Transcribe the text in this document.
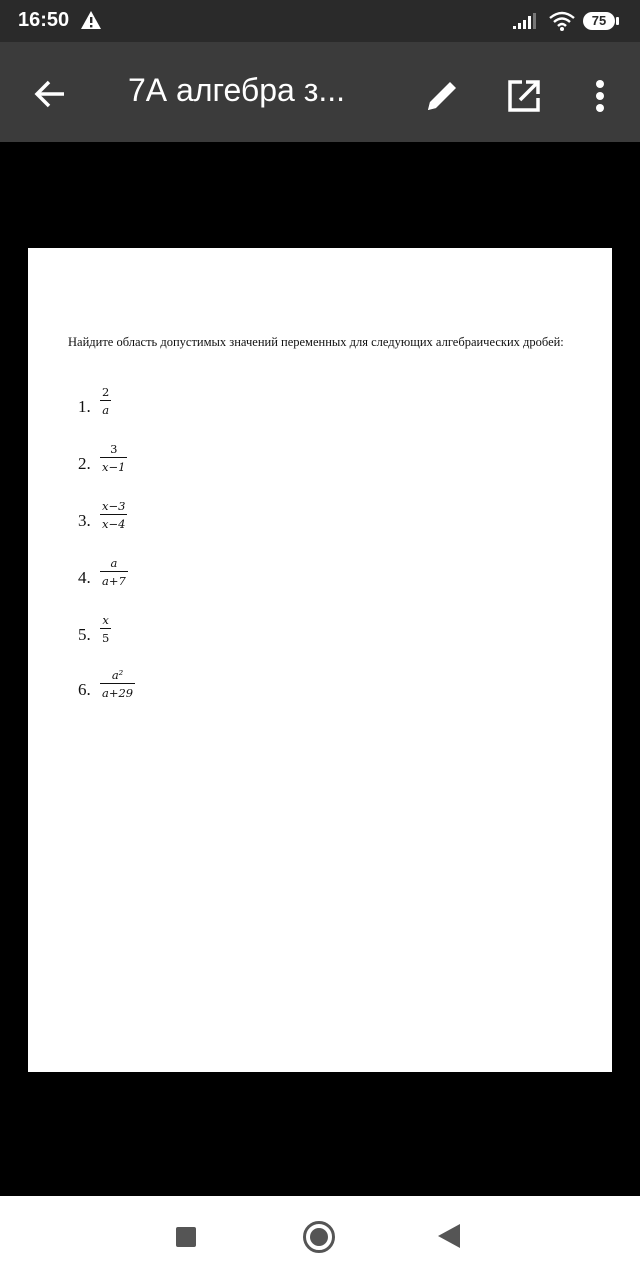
16:50	75
7А алгебра з...
Найдите область допустимых значений переменных для следующих алгебраических дробей:
1.
2
a
2.
3
x−1
3.
x−3
x−4
4.
a
a+7
5.
x
5
6.
a²
a+29
